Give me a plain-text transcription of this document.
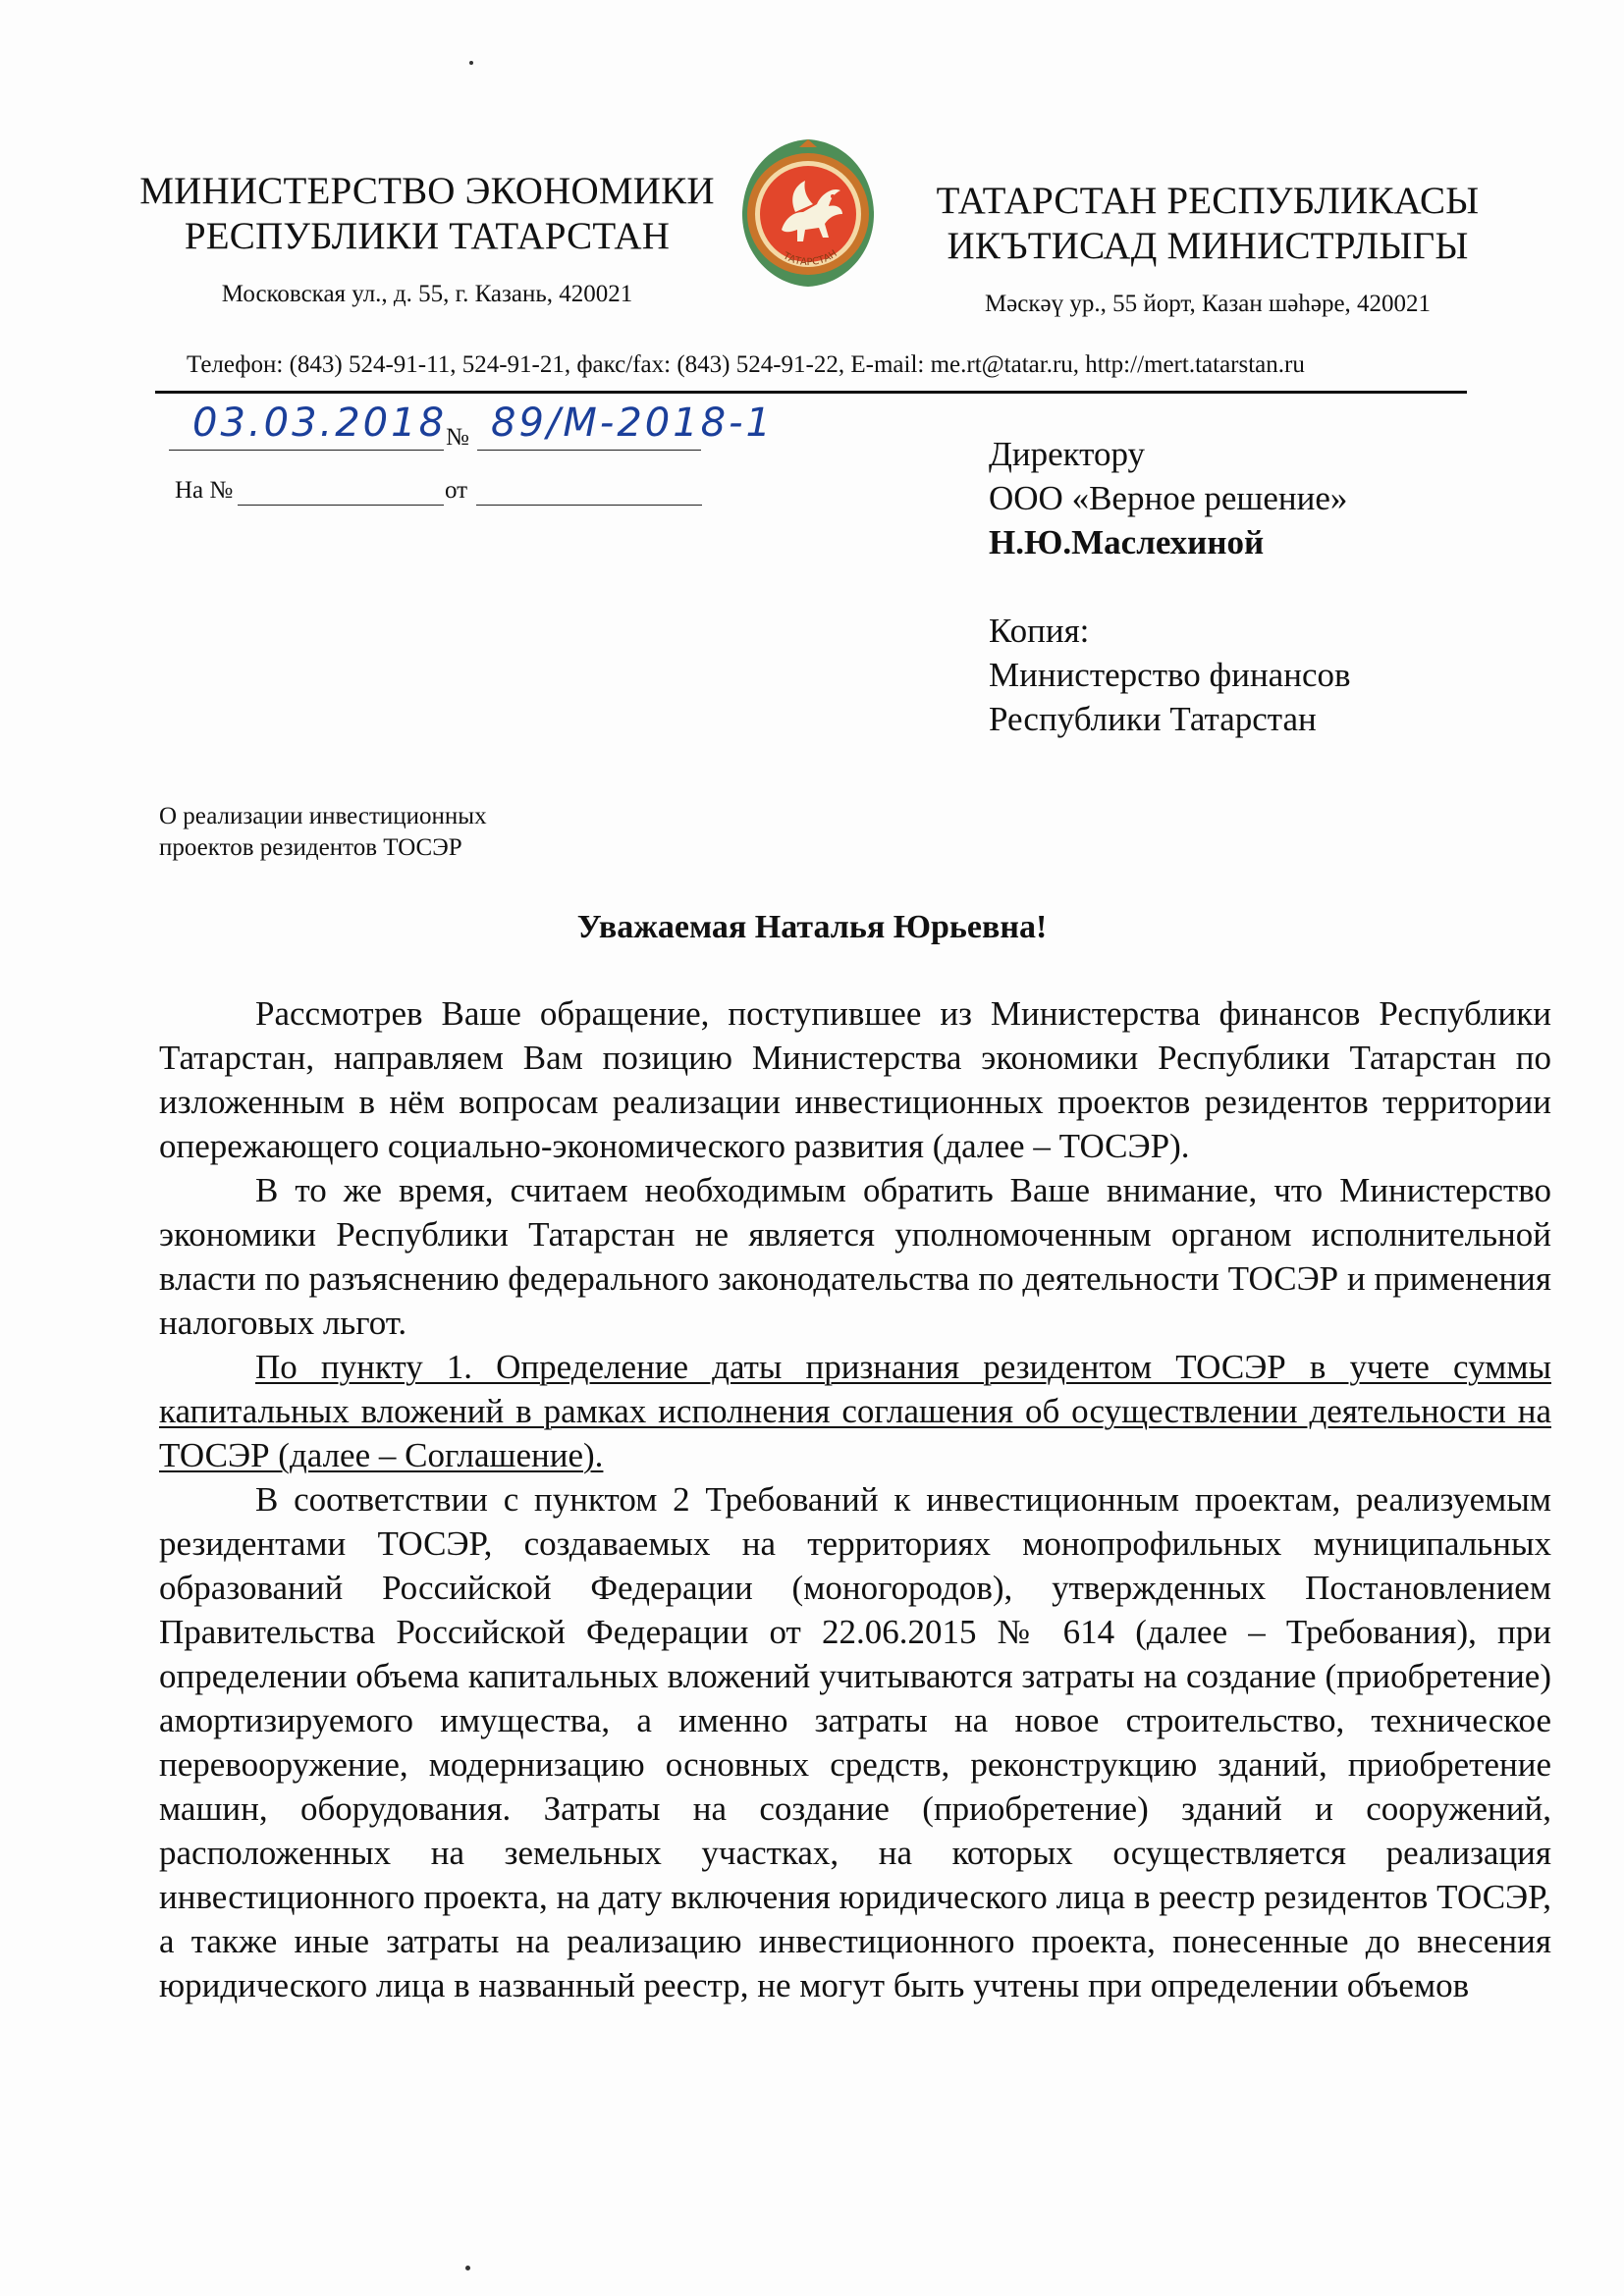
МИНИСТЕРСТВО ЭКОНОМИКИ
РЕСПУБЛИКИ ТАТАРСТАН
Московская ул., д. 55, г. Казань, 420021
ТАТАРСТАН
ТАТАРСТАН РЕСПУБЛИКАСЫ
ИКЪТИСАД МИНИСТРЛЫГЫ
Мәскәү ур., 55 йорт, Казан шәһәре, 420021
Телефон: (843) 524-91-11, 524-91-21, факс/fax: (843) 524-91-22, E-mail: me.rt@tatar.ru, http://mert.tatarstan.ru
03.03.2018
№ 89/М-2018-1
На №	от
Директору
ООО «Верное решение»
Н.Ю.Маслехиной
Копия:
Министерство финансов
Республики Татарстан
О реализации инвестиционных
проектов резидентов ТОСЭР
Уважаемая Наталья Юрьевна!

Рассмотрев Ваше обращение, поступившее из Министерства финансов Республики Татарстан, направляем Вам позицию Министерства экономики Республики Татарстан по изложенным в нём вопросам реализации инвестиционных проектов резидентов территории опережающего социально-экономического развития (далее – ТОСЭР).

В то же время, считаем необходимым обратить Ваше внимание, что Министерство экономики Республики Татарстан не является уполномоченным органом исполнительной власти по разъяснению федерального законодательства по деятельности ТОСЭР и применения налоговых льгот.

По пункту 1. Определение даты признания резидентом ТОСЭР в учете суммы капитальных вложений в рамках исполнения соглашения об осуществлении деятельности на ТОСЭР (далее – Соглашение).

В соответствии с пунктом 2 Требований к инвестиционным проектам, реализуемым резидентами ТОСЭР, создаваемых на территориях монопрофильных муниципальных образований Российской Федерации (моногородов), утвержденных Постановлением Правительства Российской Федерации от 22.06.2015 № 614 (далее – Требования), при определении объема капитальных вложений учитываются затраты на создание (приобретение) амортизируемого имущества, а именно затраты на новое строительство, техническое перевооружение, модернизацию основных средств, реконструкцию зданий, приобретение машин, оборудования. Затраты на создание (приобретение) зданий и сооружений, расположенных на земельных участках, на которых осуществляется реализация инвестиционного проекта, на дату включения юридического лица в реестр резидентов ТОСЭР, а также иные затраты на реализацию инвестиционного проекта, понесенные до внесения юридического лица в названный реестр, не могут быть учтены при определении объемов
